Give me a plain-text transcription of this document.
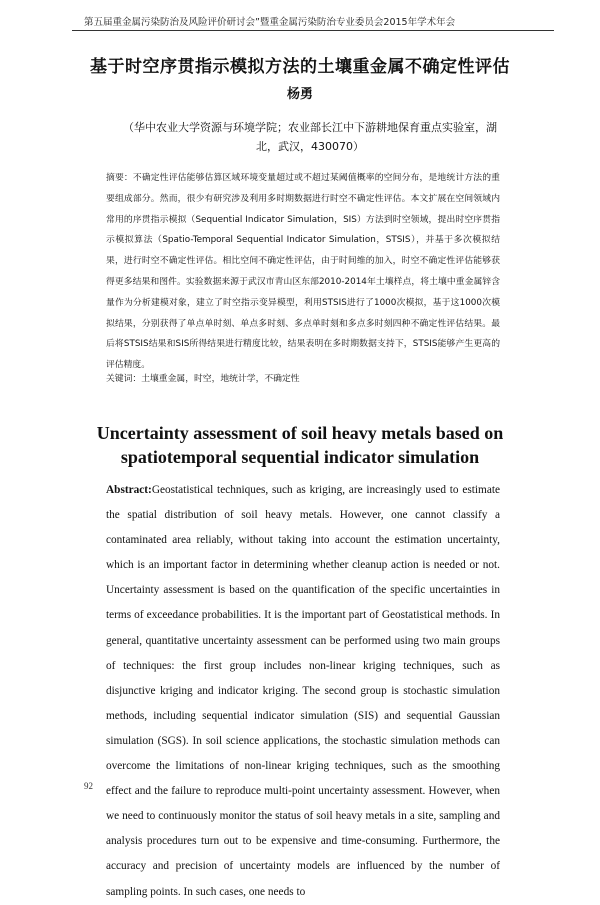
第五届重金属污染防治及风险评价研讨会”暨重金属污染防治专业委员会2015年学术年会
基于时空序贯指示模拟方法的土壤重金属不确定性评估
杨勇
（华中农业大学资源与环境学院；农业部长江中下游耕地保育重点实验室，湖北，武汉，430070）
摘要：不确定性评估能够估算区域环境变量超过或不超过某阈值概率的空间分布，是地统计方法的重要组成部分。然而，很少有研究涉及利用多时期数据进行时空不确定性评估。本文扩展在空间领域内常用的序贯指示模拟（Sequential Indicator Simulation，SIS）方法到时空领域，提出时空序贯指示模拟算法（Spatio-Temporal Sequential Indicator Simulation，STSIS），并基于多次模拟结果，进行时空不确定性评估。相比空间不确定性评估，由于时间维的加入，时空不确定性评估能够获得更多结果和图件。实验数据来源于武汉市青山区东部2010-2014年土壤样点，将土壤中重金属锌含量作为分析建模对象，建立了时空指示变异模型，利用STSIS进行了1000次模拟，基于这1000次模拟结果，分别获得了单点单时刻、单点多时刻、多点单时刻和多点多时刻四种不确定性评估结果。最后将STSIS结果和SIS所得结果进行精度比较，结果表明在多时期数据支持下，STSIS能够产生更高的评估精度。
关键词：土壤重金属，时空，地统计学，不确定性
Uncertainty assessment of soil heavy metals based on spatiotemporal sequential indicator simulation
Abstract:Geostatistical techniques, such as kriging, are increasingly used to estimate the spatial distribution of soil heavy metals. However, one cannot classify a contaminated area reliably, without taking into account the estimation uncertainty, which is an important factor in determining whether cleanup action is needed or not. Uncertainty assessment is based on the quantification of the specific uncertainties in terms of exceedance probabilities. It is the important part of Geostatistical methods. In general, quantitative uncertainty assessment can be performed using two main groups of techniques: the first group includes non-linear kriging techniques, such as disjunctive kriging and indicator kriging. The second group is stochastic simulation methods, including sequential indicator simulation (SIS) and sequential Gaussian simulation (SGS). In soil science applications, the stochastic simulation methods can overcome the limitations of non-linear kriging techniques, such as the smoothing effect and the failure to reproduce multi-point uncertainty assessment. However, when we need to continuously monitor the status of soil heavy metals in a site, sampling and analysis procedures turn out to be expensive and time-consuming. Furthermore, the accuracy and precision of uncertainty models are influenced by the number of sampling points. In such cases, one needs to
92
